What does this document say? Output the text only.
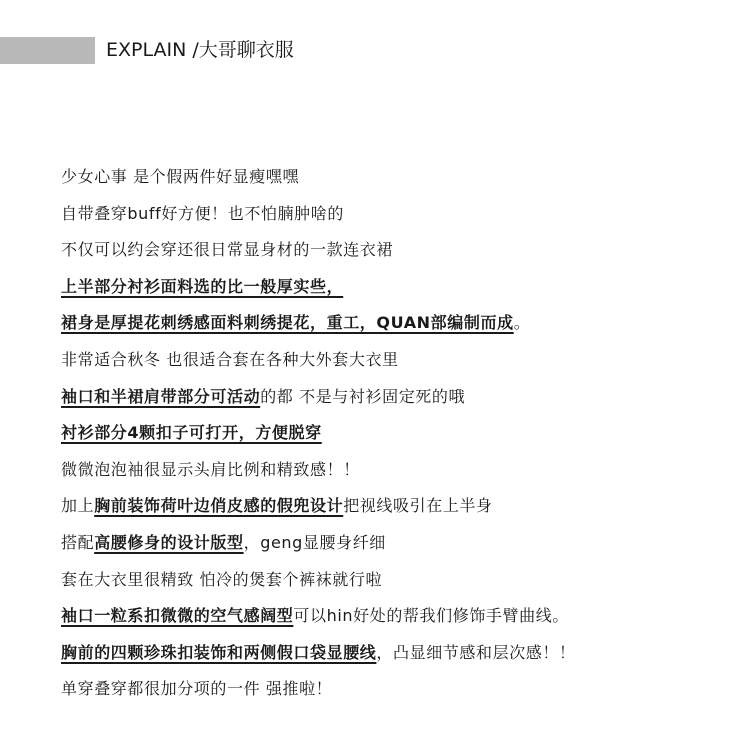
EXPLAIN /大哥聊衣服
少女心事 是个假两件好显瘦嘿嘿
自带叠穿buff好方便！也不怕腩肿啥的
不仅可以约会穿还很日常显身材的一款连衣裙
上半部分衬衫面料选的比一般厚实些，
裙身是厚提花刺绣感面料刺绣提花，重工，QUAN部编制而成。
非常适合秋冬 也很适合套在各种大外套大衣里
袖口和半裙肩带部分可活动的都 不是与衬衫固定死的哦
衬衫部分4颗扣子可打开，方便脱穿
微微泡泡袖很显示头肩比例和精致感！！
加上胸前装饰荷叶边俏皮感的假兜设计把视线吸引在上半身
搭配高腰修身的设计版型，geng显腰身纤细
套在大衣里很精致 怕冷的煲套个裤袜就行啦
袖口一粒系扣微微的空气感阔型可以hin好处的帮我们修饰手臂曲线。
胸前的四颗珍珠扣装饰和两侧假口袋显腰线，凸显细节感和层次感！！
单穿叠穿都很加分项的一件 强推啦！
